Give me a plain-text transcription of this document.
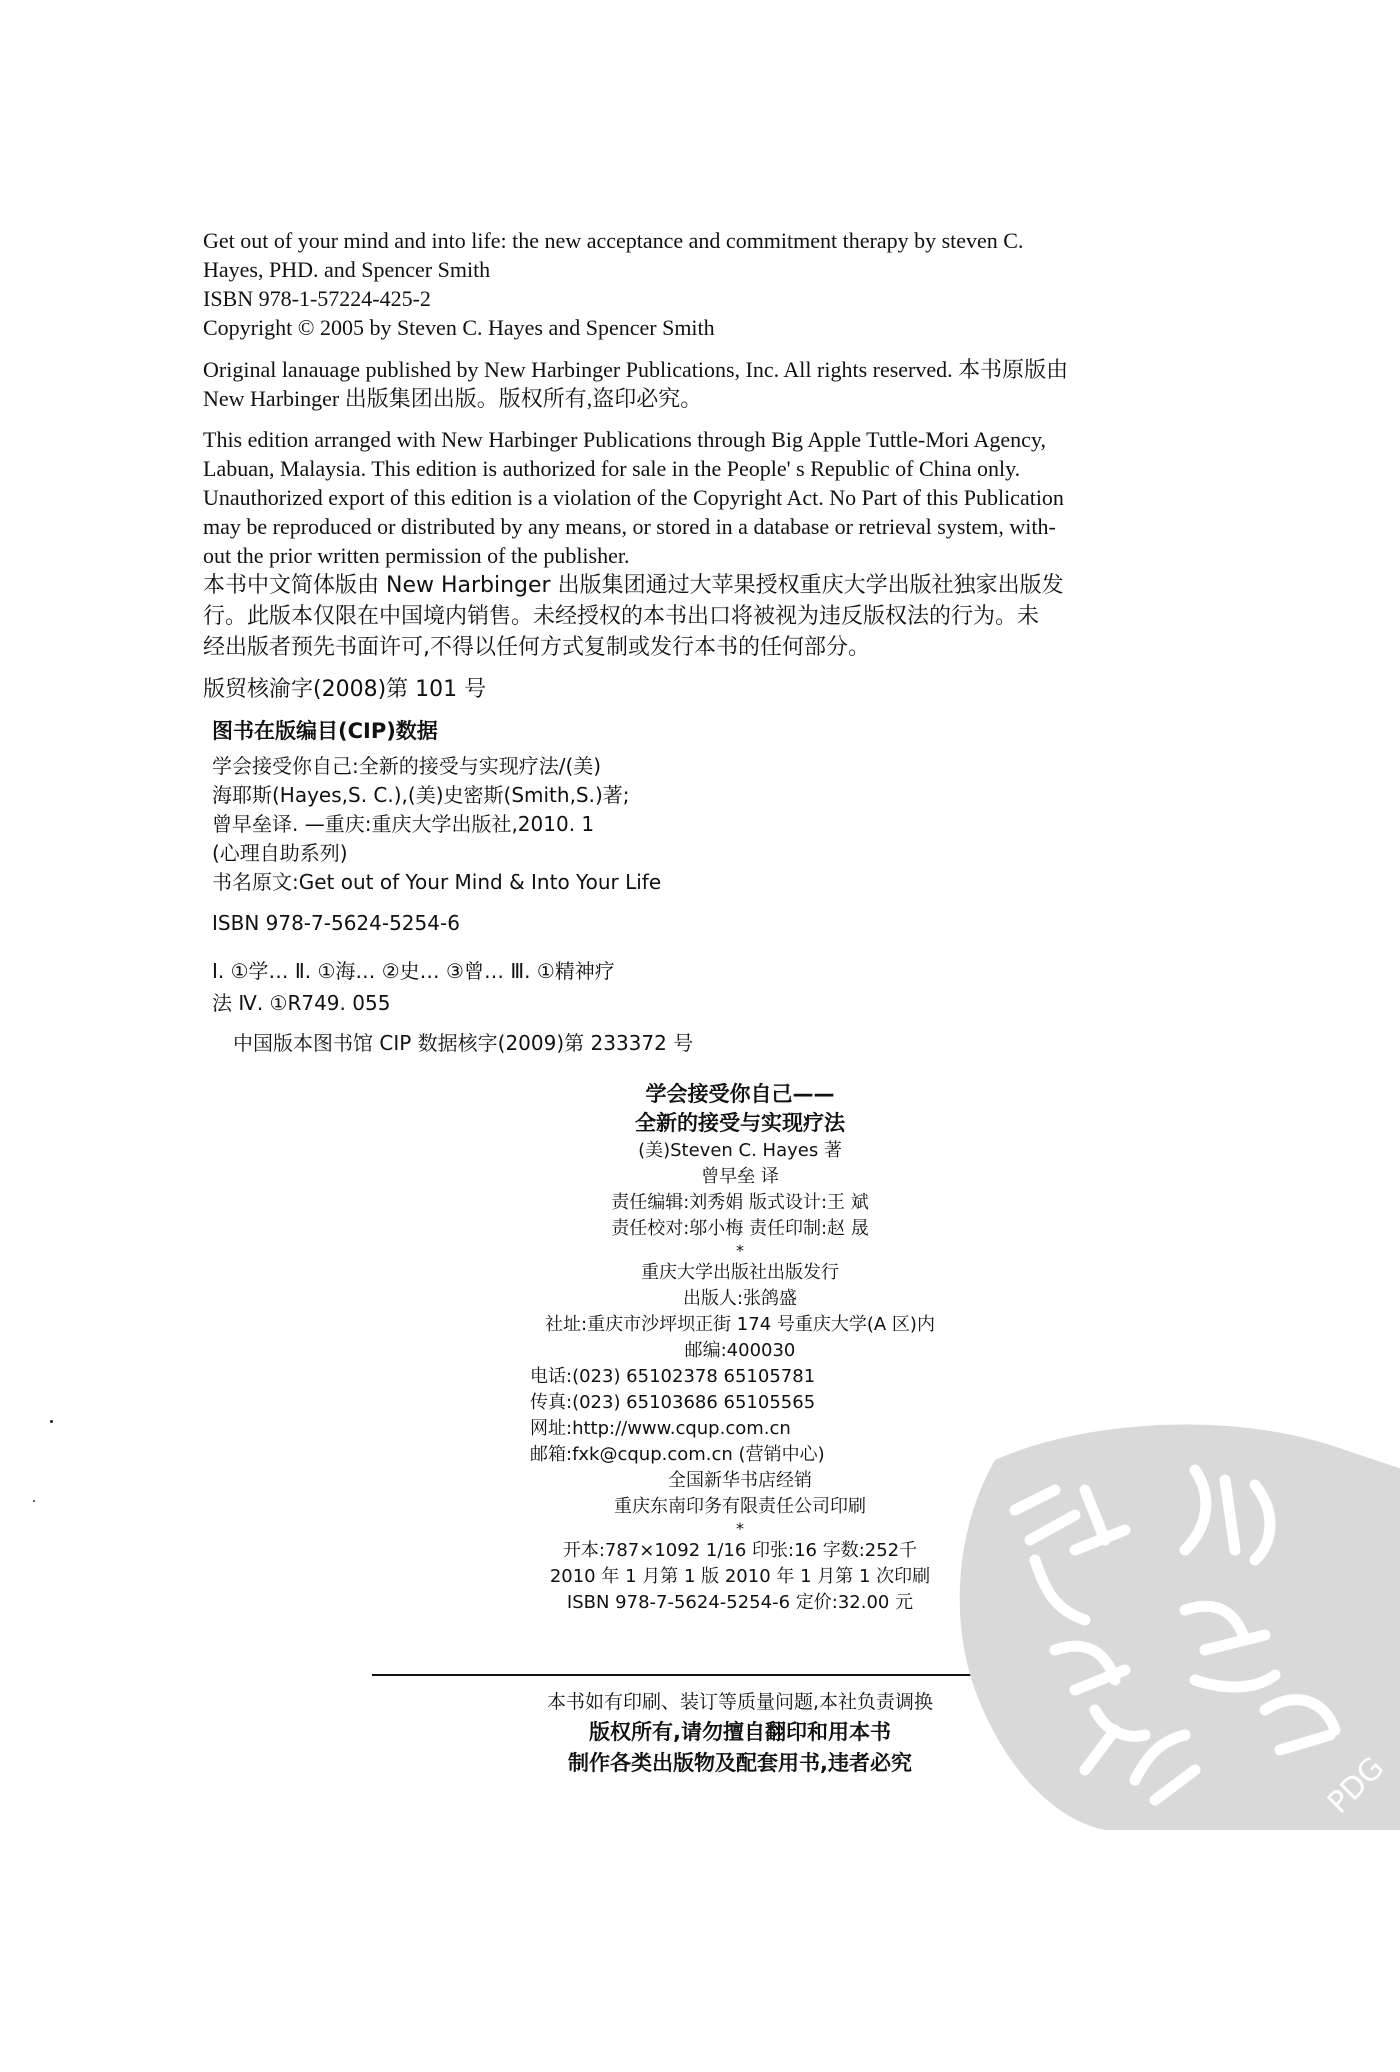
Get out of your mind and into life: the new acceptance and commitment therapy by steven C.

Hayes, PHD. and Spencer Smith

ISBN 978-1-57224-425-2

Copyright © 2005 by Steven C. Hayes and Spencer Smith

Original lanauage published by New Harbinger Publications, Inc. All rights reserved. 本书原版由

New Harbinger 出版集团出版。版权所有,盗印必究。

This edition arranged with New Harbinger Publications through Big Apple Tuttle-Mori Agency,

Labuan, Malaysia. This edition is authorized for sale in the People' s Republic of China only.

Unauthorized export of this edition is a violation of the Copyright Act. No Part of this Publication

may be reproduced or distributed by any means, or stored in a database or retrieval system, with-

out the prior written permission of the publisher.

本书中文简体版由 New Harbinger 出版集团通过大苹果授权重庆大学出版社独家出版发

行。此版本仅限在中国境内销售。未经授权的本书出口将被视为违反版权法的行为。未

经出版者预先书面许可,不得以任何方式复制或发行本书的任何部分。

版贸核渝字(2008)第 101 号

图书在版编目(CIP)数据

学会接受你自己:全新的接受与实现疗法/(美)

海耶斯(Hayes,S. C.),(美)史密斯(Smith,S.)著;

曾早垒译. —重庆:重庆大学出版社,2010. 1

(心理自助系列)

书名原文:Get out of Your Mind & Into Your Life

ISBN 978-7-5624-5254-6

Ⅰ. ①学… Ⅱ. ①海… ②史… ③曾… Ⅲ. ①精神疗

法 Ⅳ. ①R749. 055

中国版本图书馆 CIP 数据核字(2009)第 233372 号

学会接受你自己——

全新的接受与实现疗法

(美)Steven C. Hayes 著

曾早垒 译

责任编辑:刘秀娟 版式设计:王 斌

责任校对:邬小梅 责任印制:赵 晟

*

重庆大学出版社出版发行

出版人:张鸽盛

社址:重庆市沙坪坝正街 174 号重庆大学(A 区)内

邮编:400030

电话:(023) 65102378 65105781

传真:(023) 65103686 65105565

网址:http://www.cqup.com.cn

邮箱:fxk@cqup.com.cn (营销中心)

全国新华书店经销

重庆东南印务有限责任公司印刷

*

开本:787×1092 1/16 印张:16 字数:252千

2010 年 1 月第 1 版 2010 年 1 月第 1 次印刷

ISBN 978-7-5624-5254-6 定价:32.00 元

本书如有印刷、装订等质量问题,本社负责调换

版权所有,请勿擅自翻印和用本书

制作各类出版物及配套用书,违者必究	PDG
